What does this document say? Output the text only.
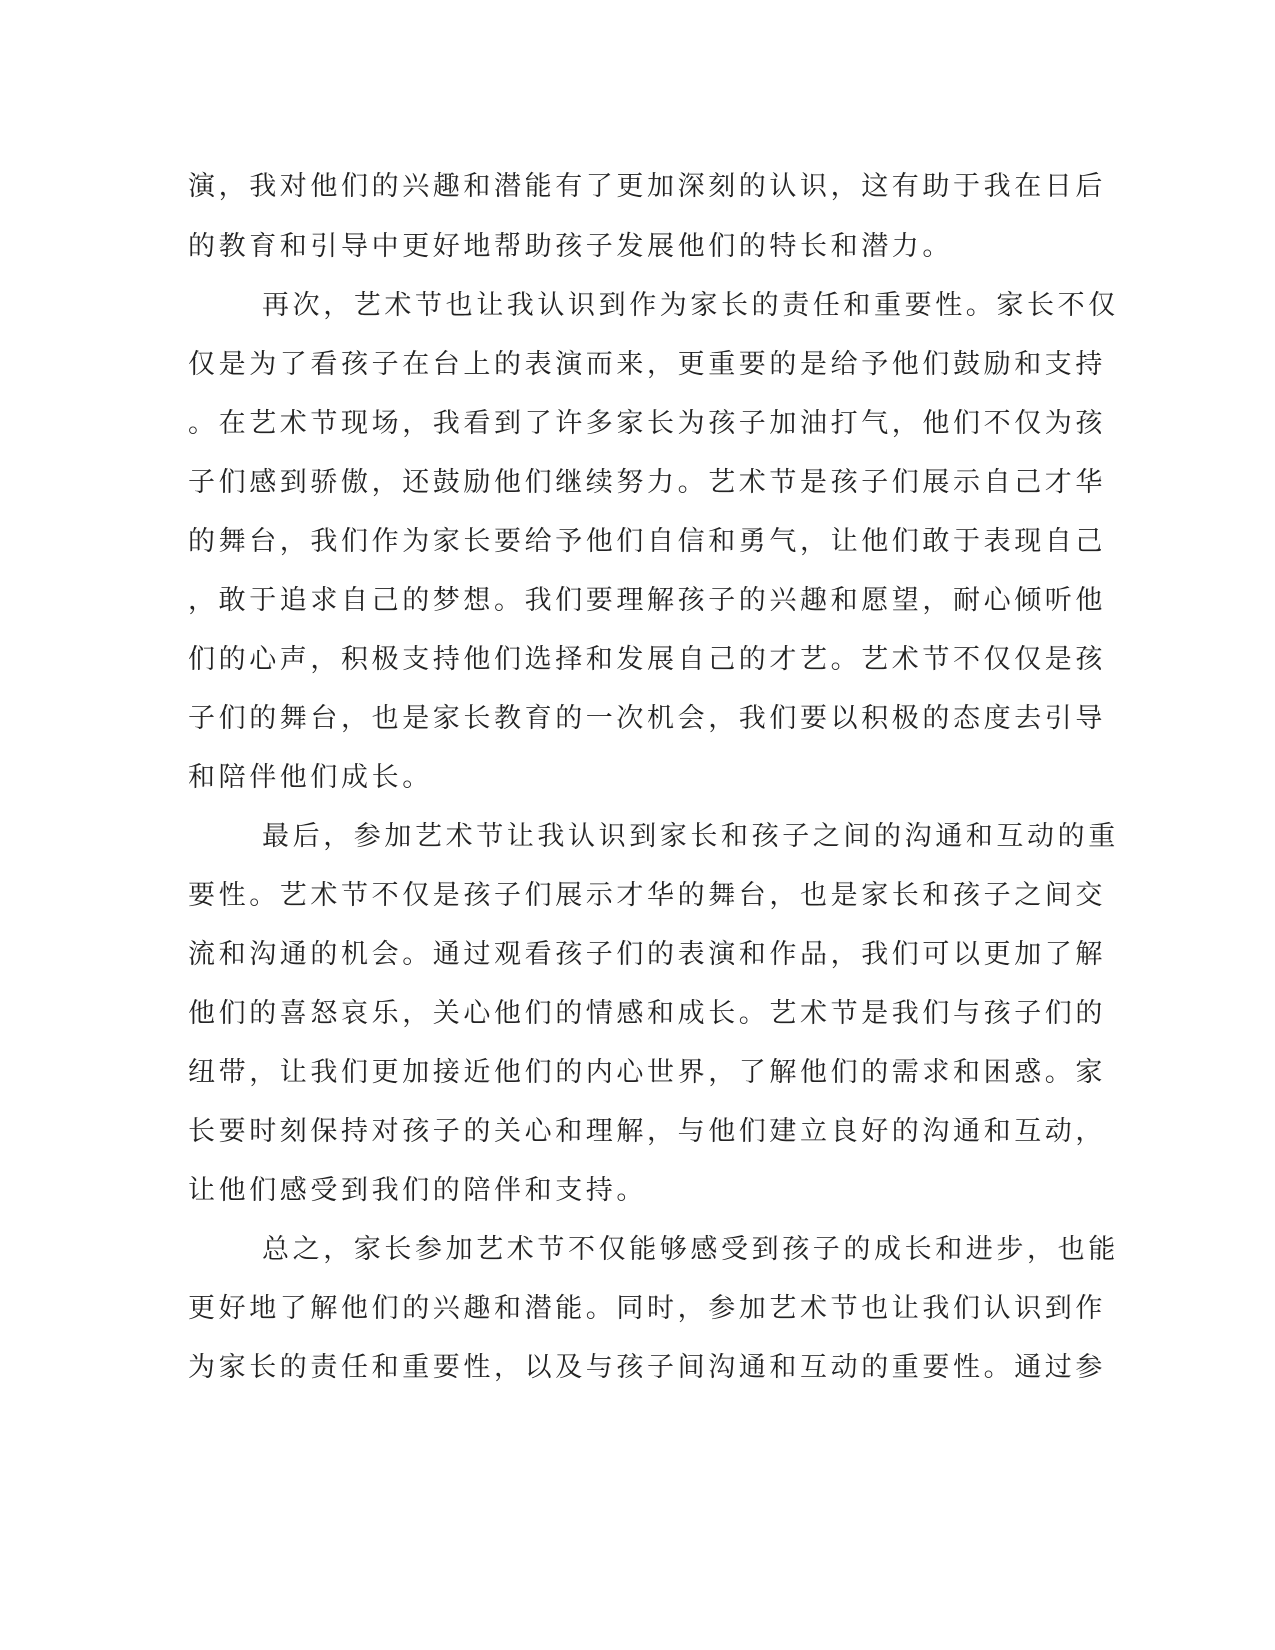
演，我对他们的兴趣和潜能有了更加深刻的认识，这有助于我在日后
的教育和引导中更好地帮助孩子发展他们的特长和潜力。
再次，艺术节也让我认识到作为家长的责任和重要性。家长不仅
仅是为了看孩子在台上的表演而来，更重要的是给予他们鼓励和支持
。在艺术节现场，我看到了许多家长为孩子加油打气，他们不仅为孩
子们感到骄傲，还鼓励他们继续努力。艺术节是孩子们展示自己才华
的舞台，我们作为家长要给予他们自信和勇气，让他们敢于表现自己
，敢于追求自己的梦想。我们要理解孩子的兴趣和愿望，耐心倾听他
们的心声，积极支持他们选择和发展自己的才艺。艺术节不仅仅是孩
子们的舞台，也是家长教育的一次机会，我们要以积极的态度去引导
和陪伴他们成长。
最后，参加艺术节让我认识到家长和孩子之间的沟通和互动的重
要性。艺术节不仅是孩子们展示才华的舞台，也是家长和孩子之间交
流和沟通的机会。通过观看孩子们的表演和作品，我们可以更加了解
他们的喜怒哀乐，关心他们的情感和成长。艺术节是我们与孩子们的
纽带，让我们更加接近他们的内心世界，了解他们的需求和困惑。家
长要时刻保持对孩子的关心和理解，与他们建立良好的沟通和互动，
让他们感受到我们的陪伴和支持。
总之，家长参加艺术节不仅能够感受到孩子的成长和进步，也能
更好地了解他们的兴趣和潜能。同时，参加艺术节也让我们认识到作
为家长的责任和重要性，以及与孩子间沟通和互动的重要性。通过参
